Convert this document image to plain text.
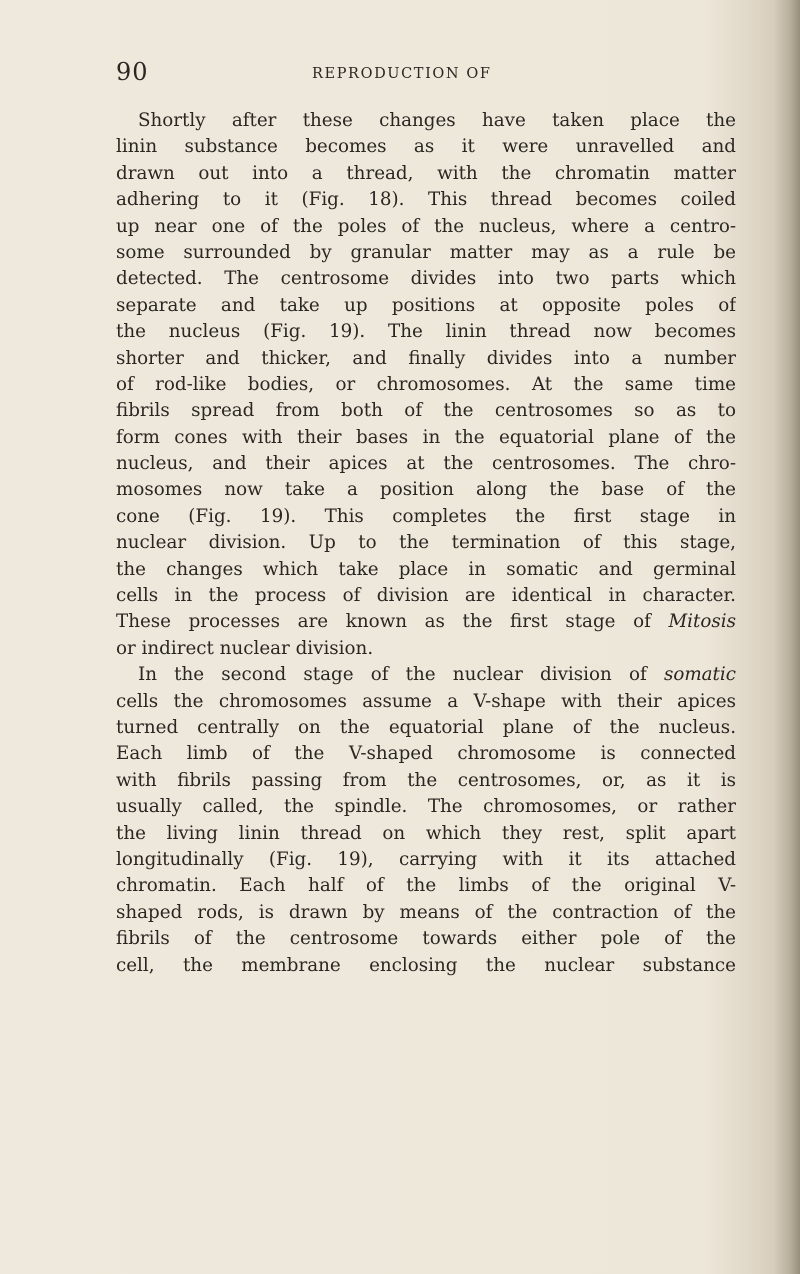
90	REPRODUCTION OF
Shortly after these changes have taken place the
linin substance becomes as it were unravelled and
drawn out into a thread, with the chromatin matter
adhering to it (Fig. 18). This thread becomes coiled
up near one of the poles of the nucleus, where a centro-
some surrounded by granular matter may as a rule be
detected. The centrosome divides into two parts which
separate and take up positions at opposite poles of
the nucleus (Fig. 19). The linin thread now becomes
shorter and thicker, and finally divides into a number
of rod-like bodies, or chromosomes. At the same time
fibrils spread from both of the centrosomes so as to
form cones with their bases in the equatorial plane of the
nucleus, and their apices at the centrosomes. The chro-
mosomes now take a position along the base of the
cone (Fig. 19). This completes the first stage in
nuclear division. Up to the termination of this stage,
the changes which take place in somatic and germinal
cells in the process of division are identical in character.
These processes are known as the first stage of Mitosis
or indirect nuclear division.
In the second stage of the nuclear division of somatic
cells the chromosomes assume a V-shape with their apices
turned centrally on the equatorial plane of the nucleus.
Each limb of the V-shaped chromosome is connected
with fibrils passing from the centrosomes, or, as it is
usually called, the spindle. The chromosomes, or rather
the living linin thread on which they rest, split apart
longitudinally (Fig. 19), carrying with it its attached
chromatin. Each half of the limbs of the original V-
shaped rods, is drawn by means of the contraction of the
fibrils of the centrosome towards either pole of the
cell, the membrane enclosing the nuclear substance
